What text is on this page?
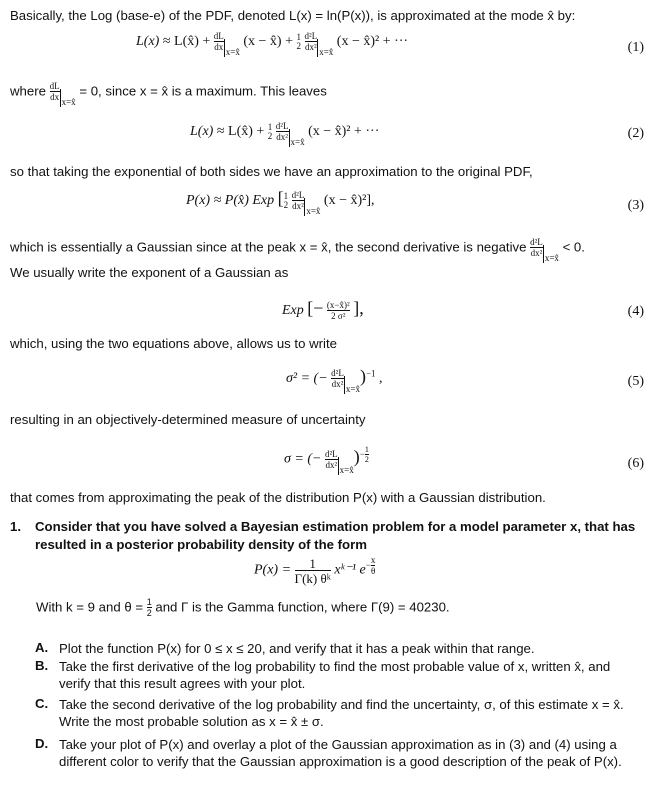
Basically, the Log (base-e) of the PDF, denoted L(x) = ln(P(x)), is approximated at the mode x̂ by:
L(x) ≈ L(x̂) + $\frac{dL}{dx}$
$_{x=x̂}$ (x − x̂) + 1
2
$\frac{\text{d²L}}{\text{dx²}}$
$_{x=x̂}$ (x − x̂)² + ···	(1)
where $\frac{dL}{dx}$
$_{x=x̂}$ = 0, since x = x̂ is a maximum. This leaves
L(x) ≈ L(x̂) + 1
2
$\frac{\text{d²L}}{\text{dx²}}$
$_{x=x̂}$ (x − x̂)² + ···	(2)
so that taking the exponential of both sides we have an approximation to the original PDF,
P(x) ≈ P(x̂) Exp [ 1
2
$\frac{\text{d²L}}{\text{dx²}}$
$_{x=x̂}$ (x − x̂)²],	(3)
which is essentially a Gaussian since at the peak x = x̂, the second derivative is negative $\frac{\text{d²L}}{\text{dx²}}$
$_{x=x̂}$ < 0.
We usually write the exponent of a Gaussian as
Exp [− $\frac{\text{(x−x̂)²}}{\text{2 σ²}}$ ],	(4)
which, using the two equations above, allows us to write
σ² = (− $\frac{\text{d²L}}{\text{dx²}}$
$_{x=x̂}$)$^{-1}$ ,	(5)
resulting in an objectively-determined measure of uncertainty
σ = (− $\frac{\text{d²L}}{\text{dx²}}$
$_{x=x̂}$)$^{- \frac{1}{2}}$	(6)
that comes from approximating the peak of the distribution P(x) with a Gaussian distribution.
1. Consider that you have solved a Bayesian estimation problem for a model parameter x, that has resulted in a posterior probability density of the form
$P(x) = \frac{1}{\text{Γ(k) θᵏ}}$ xᵏ⁻¹ $e^{- \frac{x}{\theta}}$
With k = 9 and $\theta = \frac{1}{2}$ and Γ is the Gamma function, where Γ(9) = 40230.
A. Plot the function P(x) for 0 ≤ x ≤ 20, and verify that it has a peak within that range.
B. Take the first derivative of the log probability to find the most probable value of x, written x̂, and verify that this result agrees with your plot.
C. Take the second derivative of the log probability and find the uncertainty, σ, of this estimate x = x̂. Write the most probable solution as x = x̂ ± σ.
D. Take your plot of P(x) and overlay a plot of the Gaussian approximation as in (3) and (4) using a different color to verify that the Gaussian approximation is a good description of the peak of P(x).
